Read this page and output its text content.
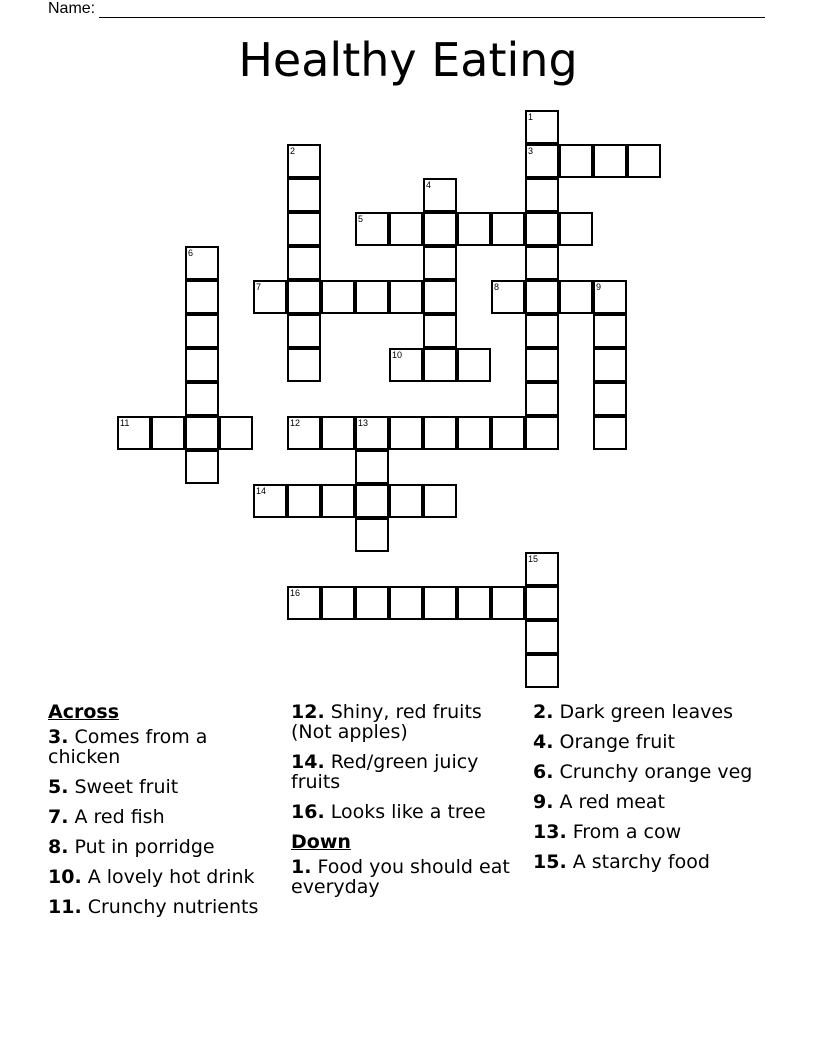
Name:
Healthy Eating
1
3
2
4
5
6
7	8	9
10
11	12	13
14
15
16
Across
3. Comes from a chicken
5. Sweet fruit
7. A red fish
8. Put in porridge
10. A lovely hot drink
11. Crunchy nutrients
12. Shiny, red fruits (Not apples)
14. Red/green juicy fruits
16. Looks like a tree
Down
1. Food you should eat everyday
2. Dark green leaves
4. Orange fruit
6. Crunchy orange veg
9. A red meat
13. From a cow
15. A starchy food
